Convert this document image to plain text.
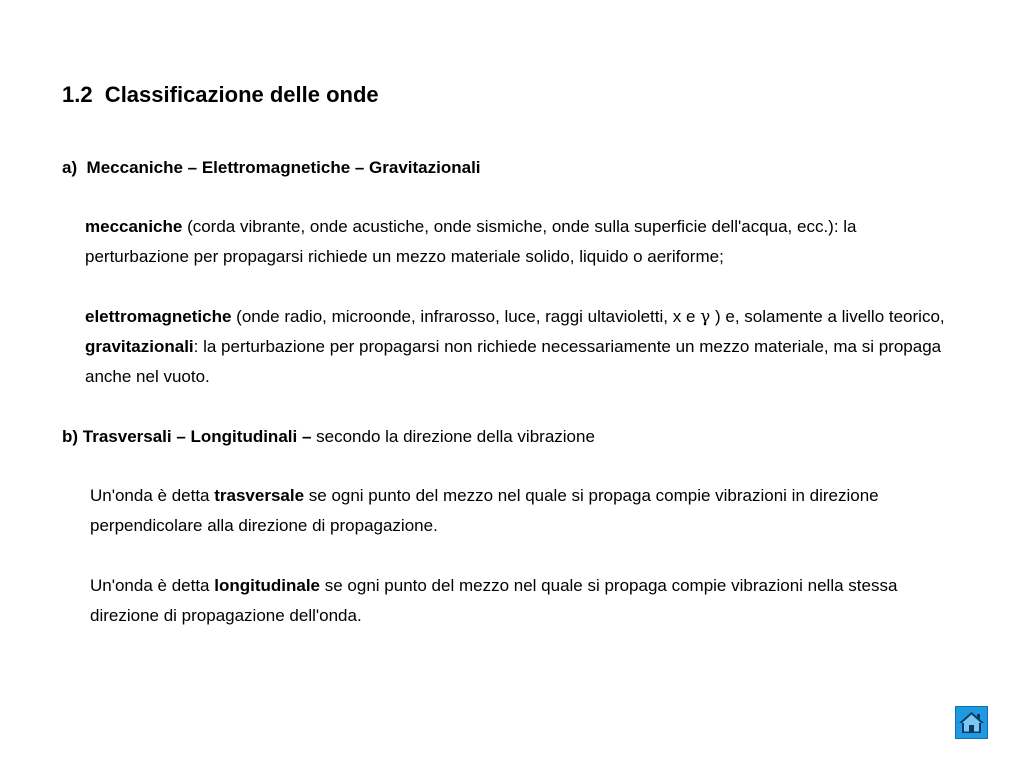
1.2  Classificazione delle onde
a)  Meccaniche – Elettromagnetiche – Gravitazionali

meccaniche (corda vibrante, onde acustiche, onde sismiche, onde sulla superficie dell'acqua, ecc.): la perturbazione per propagarsi richiede un mezzo materiale solido, liquido o aeriforme;

elettromagnetiche (onde radio, microonde, infrarosso, luce, raggi ultavioletti, x e γ ) e, solamente a livello teorico, gravitazionali: la perturbazione per propagarsi non richiede necessariamente un mezzo materiale, ma si propaga anche nel vuoto.

b) Trasversali – Longitudinali – secondo la direzione della vibrazione

Un'onda è detta trasversale se ogni punto del mezzo nel quale si propaga compie vibrazioni in direzione perpendicolare alla direzione di propagazione.

Un'onda è detta longitudinale se ogni punto del mezzo nel quale si propaga compie vibrazioni nella stessa direzione di propagazione dell'onda.
